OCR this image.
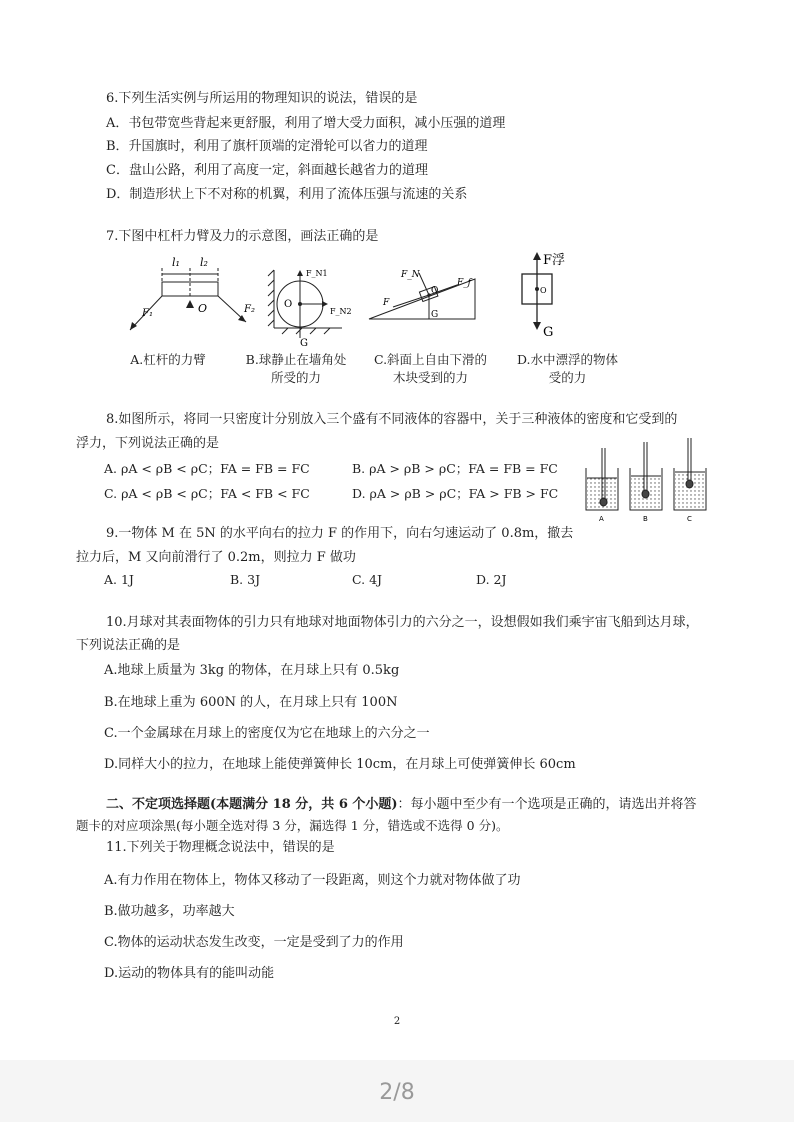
6.下列生活实例与所运用的物理知识的说法，错误的是
A．书包带宽些背起来更舒服，利用了增大受力面积，减小压强的道理
B．升国旗时，利用了旗杆顶端的定滑轮可以省力的道理
C．盘山公路，利用了高度一定，斜面越长越省力的道理
D．制造形状上下不对称的机翼，利用了流体压强与流速的关系
7.下图中杠杆力臂及力的示意图，画法正确的是
l₁ l₂
O
F₁	F₂
F_N1
F_N2
O
G
F_N
F_f
F
O
G
F浮
O
G
A.杠杆的力臂	B.球静止在墙角处
所受的力
C.斜面上自由下滑的
木块受到的力
D.水中漂浮的物体
受的力
8.如图所示，将同一只密度计分别放入三个盛有不同液体的容器中，关于三种液体的密度和它受到的
浮力，下列说法正确的是
A. ρA < ρB < ρC；FA = FB = FC	B. ρA > ρB > ρC；FA = FB = FC
C. ρA < ρB < ρC；FA < FB < FC	D. ρA > ρB > ρC；FA > FB > FC
A	B	C
9.一物体 M 在 5N 的水平向右的拉力 F 的作用下，向右匀速运动了 0.8m，撤去
拉力后，M 又向前滑行了 0.2m，则拉力 F 做功
A. 1J	B. 3J	C. 4J	D. 2J
10.月球对其表面物体的引力只有地球对地面物体引力的六分之一，设想假如我们乘宇宙飞船到达月球，
下列说法正确的是
A.地球上质量为 3kg 的物体，在月球上只有 0.5kg
B.在地球上重为 600N 的人，在月球上只有 100N
C.一个金属球在月球上的密度仅为它在地球上的六分之一
D.同样大小的拉力，在地球上能使弹簧伸长 10cm，在月球上可使弹簧伸长 60cm
二、不定项选择题(本题满分 18 分，共 6 个小题)：每小题中至少有一个选项是正确的，请选出并将答
题卡的对应项涂黑(每小题全选对得 3 分，漏选得 1 分，错选或不选得 0 分)。
11.下列关于物理概念说法中，错误的是
A.有力作用在物体上，物体又移动了一段距离，则这个力就对物体做了功
B.做功越多，功率越大
C.物体的运动状态发生改变，一定是受到了力的作用
D.运动的物体具有的能叫动能
2
2/8
